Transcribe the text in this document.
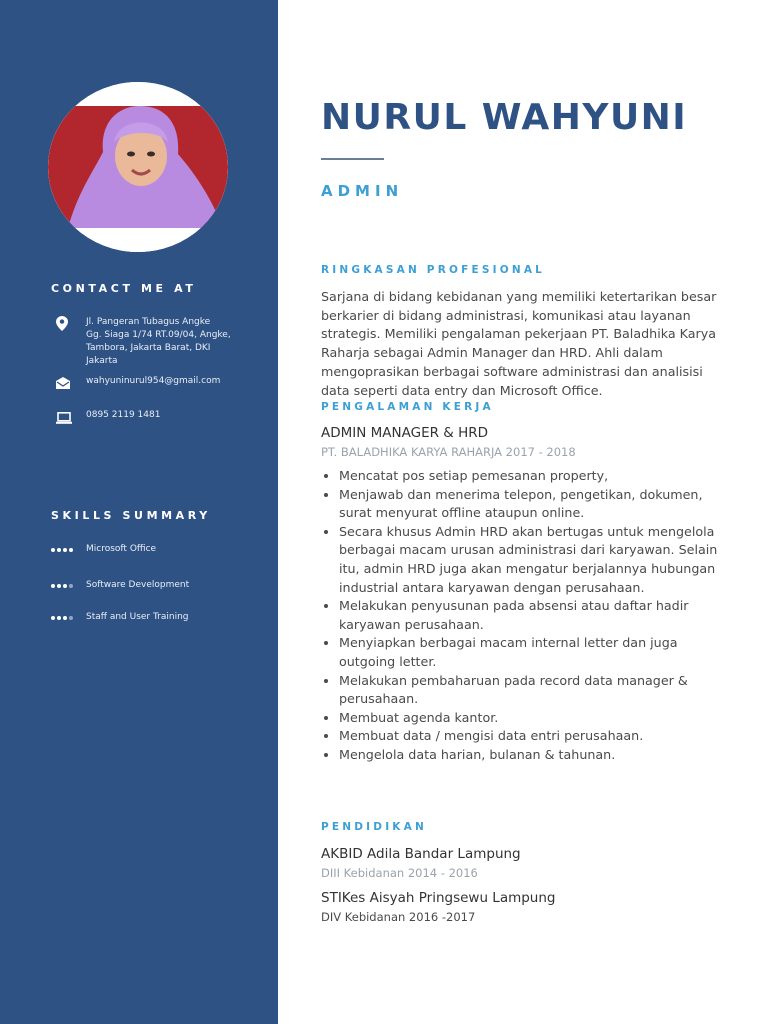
CONTACT ME AT
Jl. Pangeran Tubagus Angke
Gg. Siaga 1/74 RT.09/04, Angke,
Tambora, Jakarta Barat, DKI
Jakarta
wahyuninurul954@gmail.com
0895 2119 1481
SKILLS SUMMARY
Microsoft Office
Software Development
Staff and User Training
NURUL WAHYUNI
ADMIN
RINGKASAN PROFESIONAL

Sarjana di bidang kebidanan yang memiliki ketertarikan besar berkarier di bidang administrasi, komunikasi atau layanan strategis. Memiliki pengalaman pekerjaan PT. Baladhika Karya Raharja sebagai Admin Manager dan HRD. Ahli dalam mengoprasikan berbagai software administrasi dan analisisi data seperti data entry dan Microsoft Office.

PENGALAMAN KERJA
ADMIN MANAGER & HRD
PT. BALADHIKA KARYA RAHARJA 2017 - 2018
• Mencatat pos setiap pemesanan property,
• Menjawab dan menerima telepon, pengetikan, dokumen, surat menyurat offline ataupun online.
• Secara khusus Admin HRD akan bertugas untuk mengelola berbagai macam urusan administrasi dari karyawan. Selain itu, admin HRD juga akan mengatur berjalannya hubungan industrial antara karyawan dengan perusahaan.
• Melakukan penyusunan pada absensi atau daftar hadir karyawan perusahaan.
• Menyiapkan berbagai macam internal letter dan juga outgoing letter.
• Melakukan pembaharuan pada record data manager & perusahaan.
• Membuat agenda kantor.
• Membuat data / mengisi data entri perusahaan.
• Mengelola data harian, bulanan & tahunan.
PENDIDIKAN
AKBID Adila Bandar Lampung
DIII Kebidanan 2014 - 2016
STIKes Aisyah Pringsewu Lampung
DIV Kebidanan 2016 -2017
